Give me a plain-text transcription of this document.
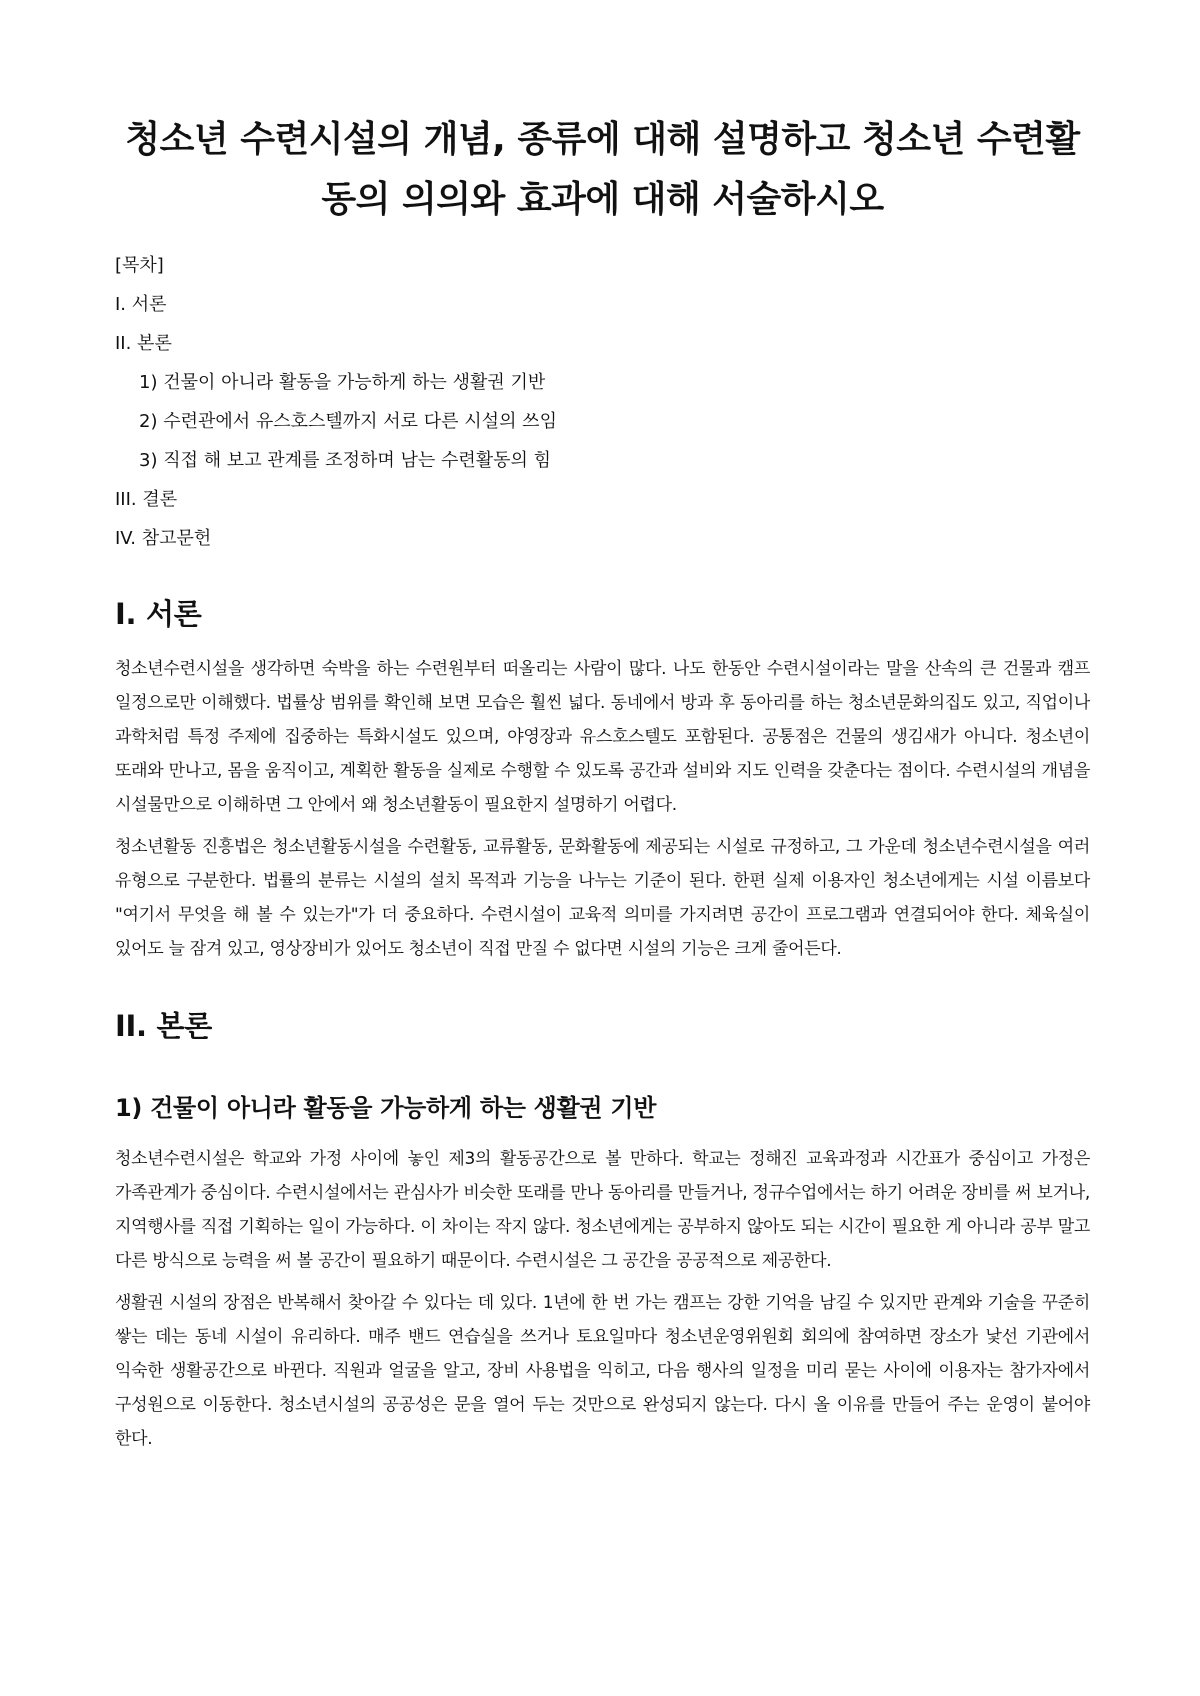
청소년 수련시설의 개념, 종류에 대해 설명하고 청소년 수련활동의 의의와 효과에 대해 서술하시오
[목차]
I. 서론
II. 본론
1) 건물이 아니라 활동을 가능하게 하는 생활권 기반
2) 수련관에서 유스호스텔까지 서로 다른 시설의 쓰임
3) 직접 해 보고 관계를 조정하며 남는 수련활동의 힘
III. 결론
IV. 참고문헌
I. 서론

청소년수련시설을 생각하면 숙박을 하는 수련원부터 떠올리는 사람이 많다. 나도 한동안 수련시설이라는 말을 산속의 큰 건물과 캠프 일정으로만 이해했다. 법률상 범위를 확인해 보면 모습은 훨씬 넓다. 동네에서 방과 후 동아리를 하는 청소년문화의집도 있고, 직업이나 과학처럼 특정 주제에 집중하는 특화시설도 있으며, 야영장과 유스호스텔도 포함된다. 공통점은 건물의 생김새가 아니다. 청소년이 또래와 만나고, 몸을 움직이고, 계획한 활동을 실제로 수행할 수 있도록 공간과 설비와 지도 인력을 갖춘다는 점이다. 수련시설의 개념을 시설물만으로 이해하면 그 안에서 왜 청소년활동이 필요한지 설명하기 어렵다.

청소년활동 진흥법은 청소년활동시설을 수련활동, 교류활동, 문화활동에 제공되는 시설로 규정하고, 그 가운데 청소년수련시설을 여러 유형으로 구분한다. 법률의 분류는 시설의 설치 목적과 기능을 나누는 기준이 된다. 한편 실제 이용자인 청소년에게는 시설 이름보다 "여기서 무엇을 해 볼 수 있는가"가 더 중요하다. 수련시설이 교육적 의미를 가지려면 공간이 프로그램과 연결되어야 한다. 체육실이 있어도 늘 잠겨 있고, 영상장비가 있어도 청소년이 직접 만질 수 없다면 시설의 기능은 크게 줄어든다.

II. 본론
1) 건물이 아니라 활동을 가능하게 하는 생활권 기반

청소년수련시설은 학교와 가정 사이에 놓인 제3의 활동공간으로 볼 만하다. 학교는 정해진 교육과정과 시간표가 중심이고 가정은 가족관계가 중심이다. 수련시설에서는 관심사가 비슷한 또래를 만나 동아리를 만들거나, 정규수업에서는 하기 어려운 장비를 써 보거나, 지역행사를 직접 기획하는 일이 가능하다. 이 차이는 작지 않다. 청소년에게는 공부하지 않아도 되는 시간이 필요한 게 아니라 공부 말고 다른 방식으로 능력을 써 볼 공간이 필요하기 때문이다. 수련시설은 그 공간을 공공적으로 제공한다.

생활권 시설의 장점은 반복해서 찾아갈 수 있다는 데 있다. 1년에 한 번 가는 캠프는 강한 기억을 남길 수 있지만 관계와 기술을 꾸준히 쌓는 데는 동네 시설이 유리하다. 매주 밴드 연습실을 쓰거나 토요일마다 청소년운영위원회 회의에 참여하면 장소가 낯선 기관에서 익숙한 생활공간으로 바뀐다. 직원과 얼굴을 알고, 장비 사용법을 익히고, 다음 행사의 일정을 미리 묻는 사이에 이용자는 참가자에서 구성원으로 이동한다. 청소년시설의 공공성은 문을 열어 두는 것만으로 완성되지 않는다. 다시 올 이유를 만들어 주는 운영이 붙어야 한다.
